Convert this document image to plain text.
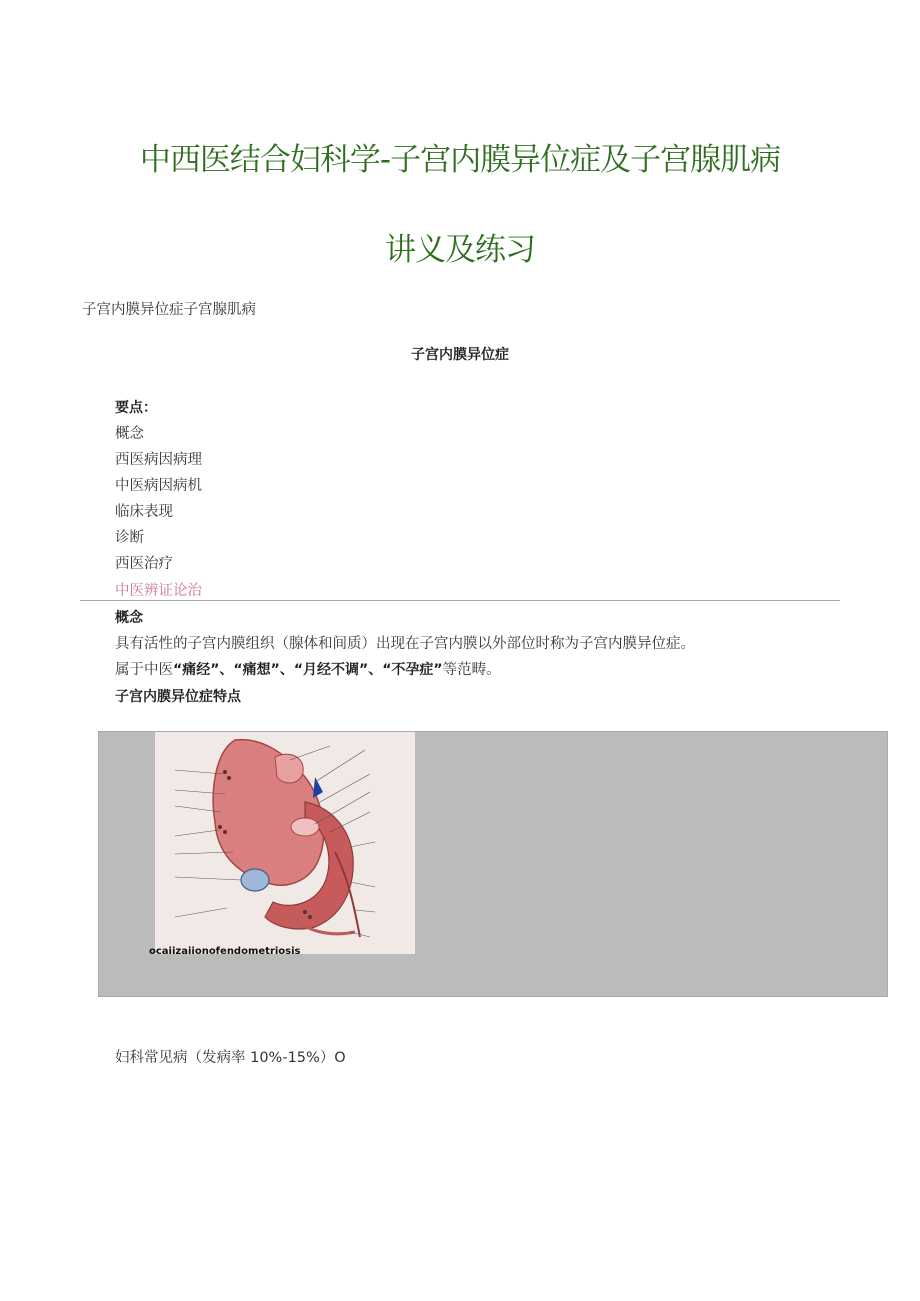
中西医结合妇科学-子宫内膜异位症及子宫腺肌病
讲义及练习
子宫内膜异位症子宫腺肌病
子宫内膜异位症
要点：
概念
西医病因病理
中医病因病机
临床表现
诊断
西医治疗
中医辨证论治
概念
具有活性的子宫内膜组织（腺体和间质）出现在子宫内膜以外部位时称为子宫内膜异位症。
属于中医“痛经”、“痛想”、“月经不调”、“不孕症”等范畴。
子宫内膜异位症特点
ocaiizaiionofendometriosis
妇科常见病（发病率 10%-15%）O
